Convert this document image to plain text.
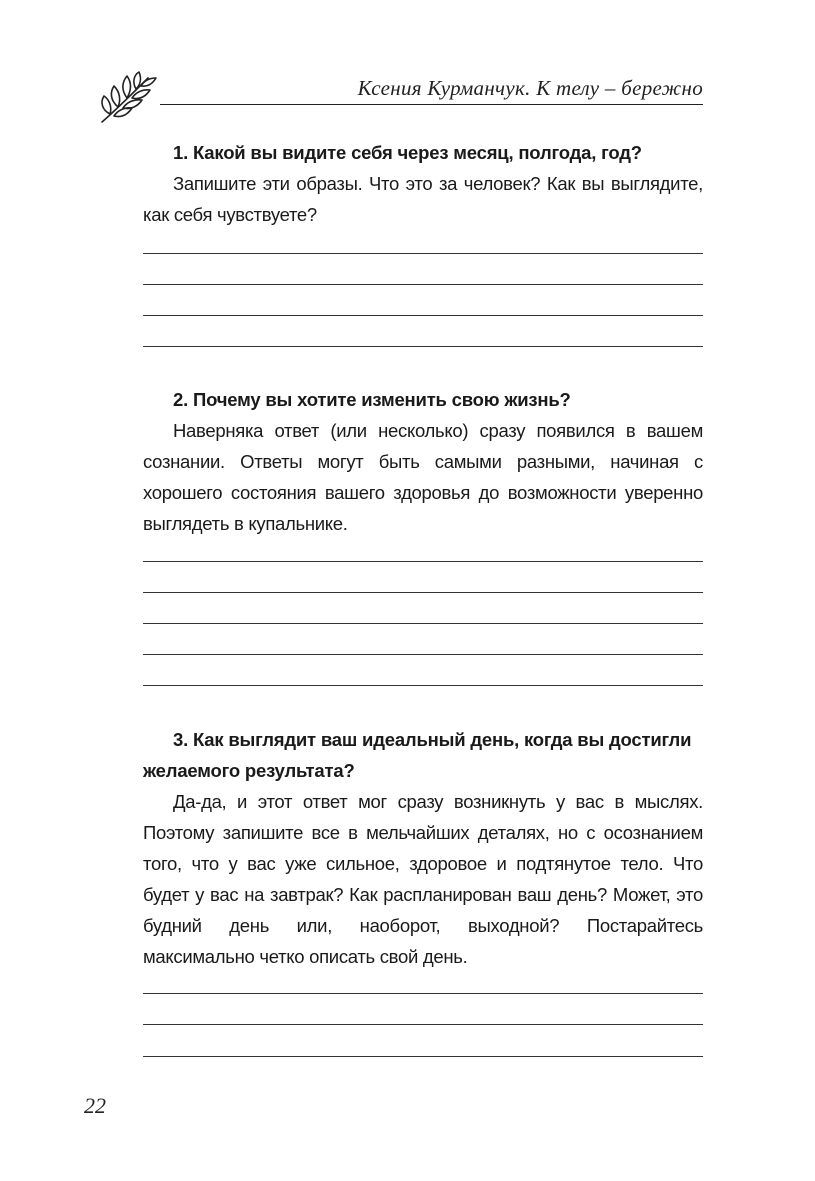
Ксения Курманчук. К телу – бережно

1. Какой вы видите себя через месяц, полгода, год?

Запишите эти образы. Что это за человек? Как вы выглядите, как себя чувствуете?

2. Почему вы хотите изменить свою жизнь?

Наверняка ответ (или несколько) сразу появился в вашем сознании. Ответы могут быть самыми разными, начиная с хорошего состояния вашего здоровья до возможности уверенно выглядеть в купальнике.

3. Как выглядит ваш идеальный день, когда вы достигли желаемого результата?

Да-да, и этот ответ мог сразу возникнуть у вас в мыслях. Поэтому запишите все в мельчайших деталях, но с осознанием того, что у вас уже сильное, здоровое и подтянутое тело. Что будет у вас на завтрак? Как распланирован ваш день? Может, это будний день или, наоборот, выходной? Постарайтесь максимально четко описать свой день.

22
